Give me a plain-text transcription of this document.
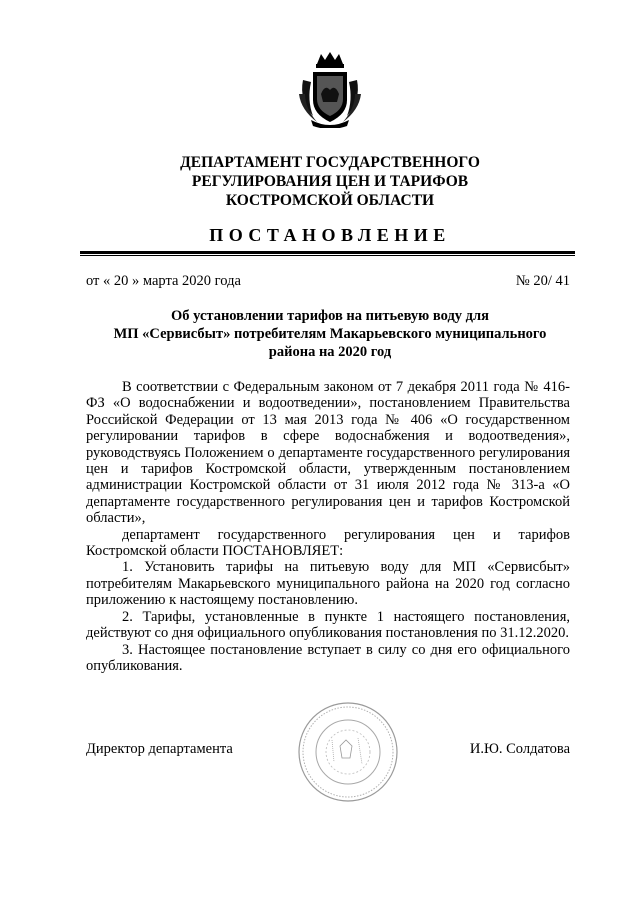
ДЕПАРТАМЕНТ ГОСУДАРСТВЕННОГО
РЕГУЛИРОВАНИЯ ЦЕН И ТАРИФОВ
КОСТРОМСКОЙ ОБЛАСТИ
ПОСТАНОВЛЕНИЕ
от « 20 » марта 2020 года	№ 20/ 41
Об установлении тарифов на питьевую воду для
МП «Сервисбыт» потребителям Макарьевского муниципального
района на 2020 год

В соответствии с Федеральным законом от 7 декабря 2011 года № 416-ФЗ «О водоснабжении и водоотведении», постановлением Правительства Российской Федерации от 13 мая 2013 года № 406 «О государственном регулировании тарифов в сфере водоснабжения и водоотведения», руководствуясь Положением о департаменте государственного регулирования цен и тарифов Костромской области, утвержденным постановлением администрации Костромской области от 31 июля 2012 года № 313-а «О департаменте государственного регулирования цен и тарифов Костромской области»,

департамент государственного регулирования цен и тарифов Костромской области ПОСТАНОВЛЯЕТ:

1. Установить тарифы на питьевую воду для МП «Сервисбыт» потребителям Макарьевского муниципального района на 2020 год согласно приложению к настоящему постановлению.

2. Тарифы, установленные в пункте 1 настоящего постановления, действуют со дня официального опубликования постановления по 31.12.2020.

3. Настоящее постановление вступает в силу со дня его официального опубликования.

Директор департамента	И.Ю. Солдатова
